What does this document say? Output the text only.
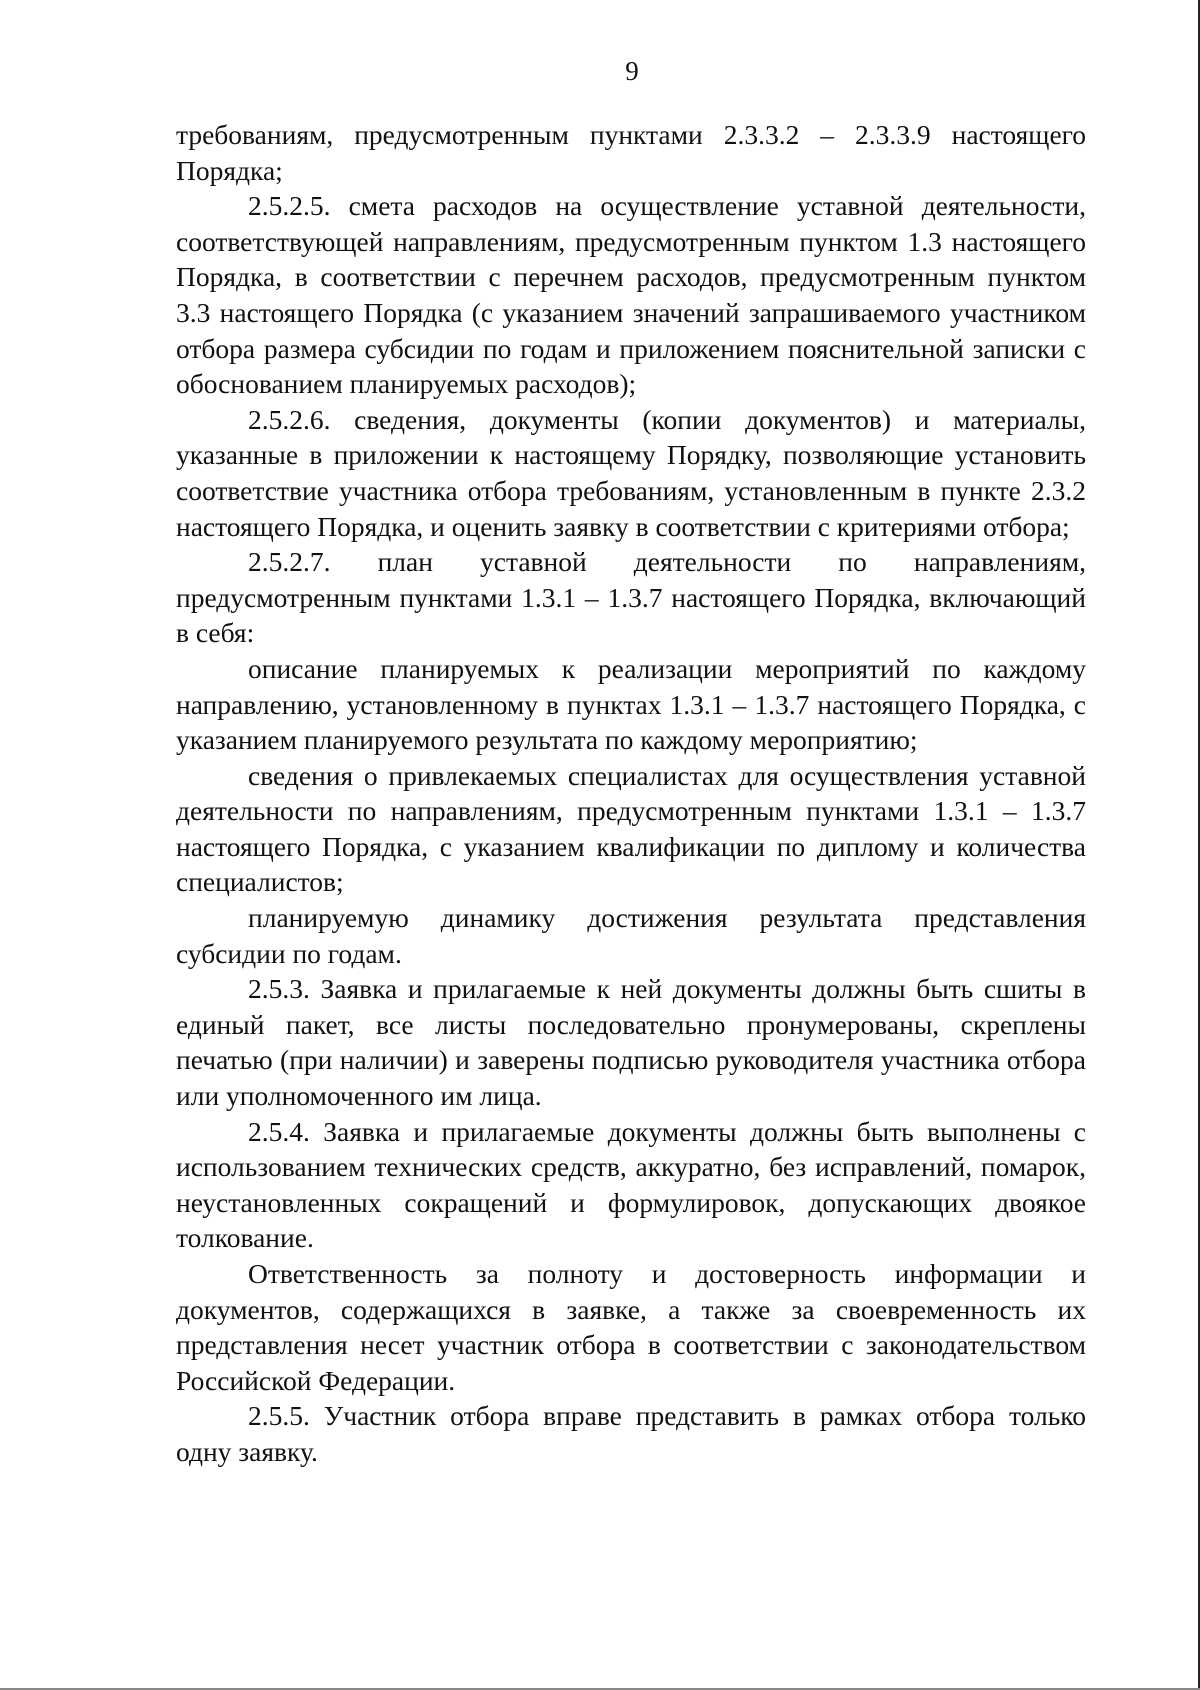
9

требованиям, предусмотренным пунктами 2.3.3.2 – 2.3.3.9 настоящего Порядка;

2.5.2.5. смета расходов на осуществление уставной деятельности, соответствующей направлениям, предусмотренным пунктом 1.3 настоящего Порядка, в соответствии с перечнем расходов, предусмотренным пунктом 3.3 настоящего Порядка (с указанием значений запрашиваемого участником отбора размера субсидии по годам и приложением пояснительной записки с обоснованием планируемых расходов);

2.5.2.6. сведения, документы (копии документов) и материалы, указанные в приложении к настоящему Порядку, позволяющие установить соответствие участника отбора требованиям, установленным в пункте 2.3.2 настоящего Порядка, и оценить заявку в соответствии с критериями отбора;

2.5.2.7. план уставной деятельности по направлениям, предусмотренным пунктами 1.3.1 – 1.3.7 настоящего Порядка, включающий в себя:

описание планируемых к реализации мероприятий по каждому направлению, установленному в пунктах 1.3.1 – 1.3.7 настоящего Порядка, с указанием планируемого результата по каждому мероприятию;

сведения о привлекаемых специалистах для осуществления уставной деятельности по направлениям, предусмотренным пунктами 1.3.1 – 1.3.7 настоящего Порядка, с указанием квалификации по диплому и количества специалистов;

планируемую динамику достижения результата представления субсидии по годам.

2.5.3. Заявка и прилагаемые к ней документы должны быть сшиты в единый пакет, все листы последовательно пронумерованы, скреплены печатью (при наличии) и заверены подписью руководителя участника отбора или уполномоченного им лица.

2.5.4. Заявка и прилагаемые документы должны быть выполнены с использованием технических средств, аккуратно, без исправлений, помарок, неустановленных сокращений и формулировок, допускающих двоякое толкование.

Ответственность за полноту и достоверность информации и документов, содержащихся в заявке, а также за своевременность их представления несет участник отбора в соответствии с законодательством Российской Федерации.

2.5.5. Участник отбора вправе представить в рамках отбора только одну заявку.
